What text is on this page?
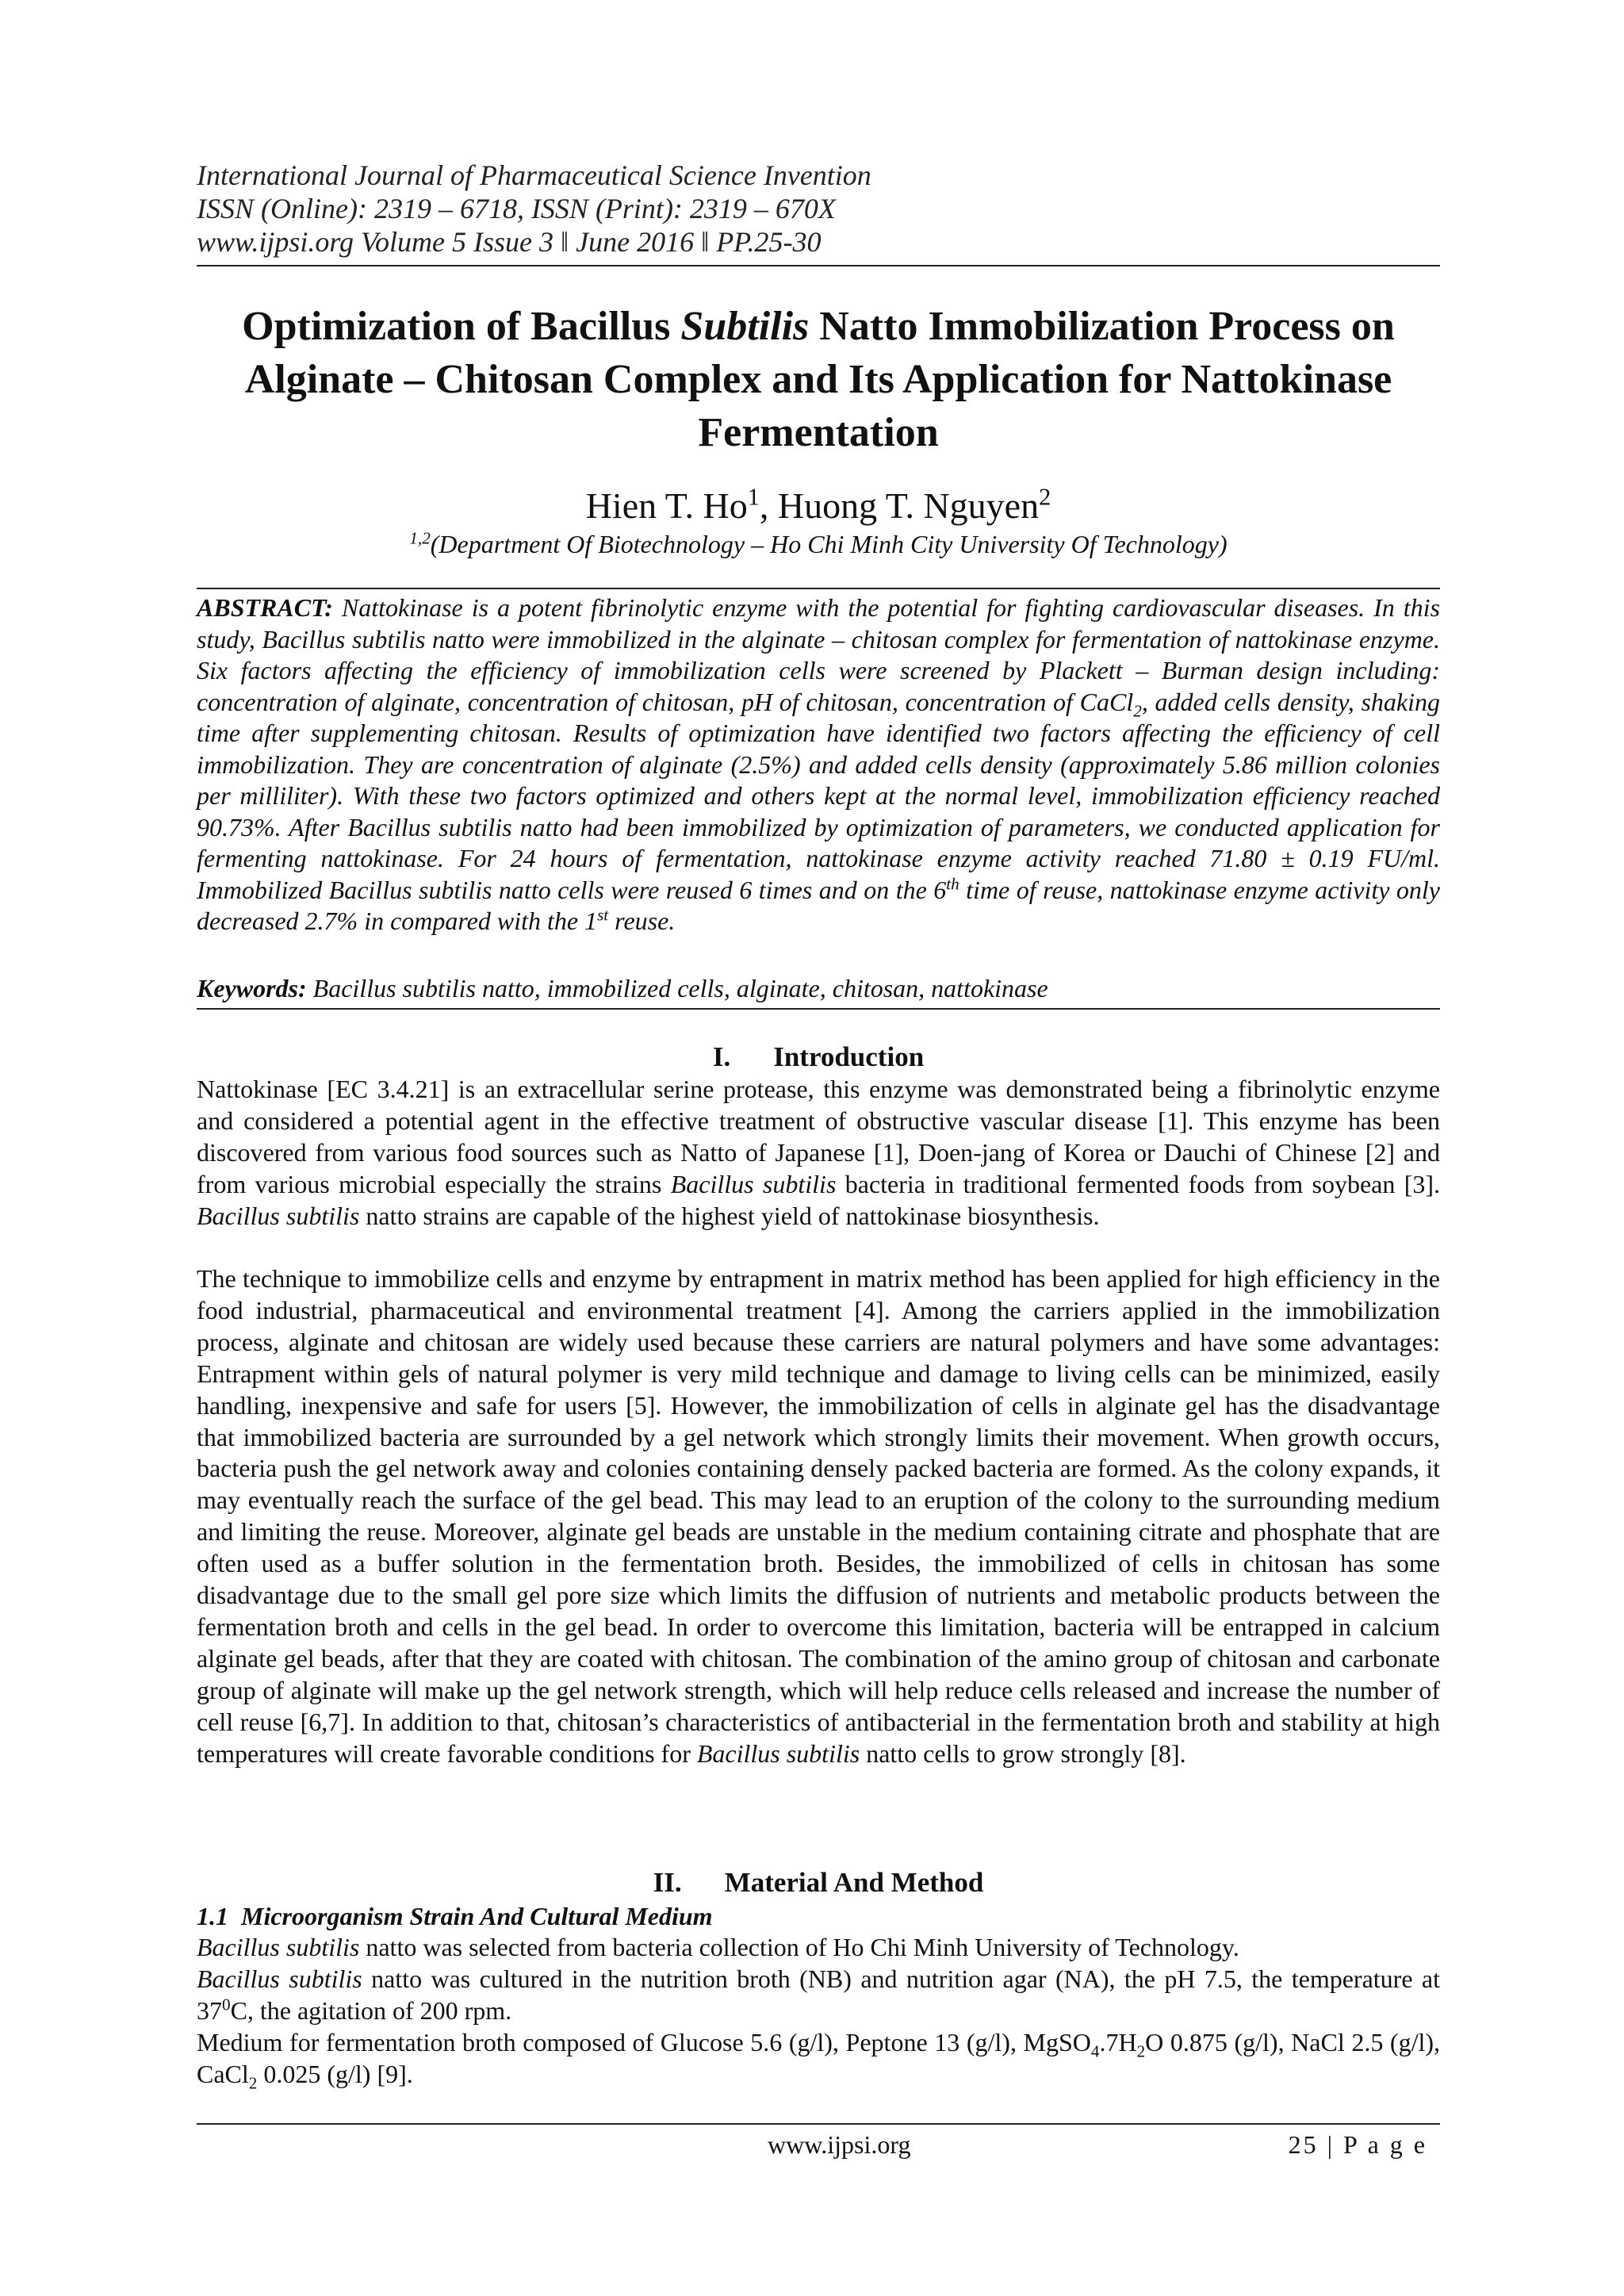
International Journal of Pharmaceutical Science Invention
ISSN (Online): 2319 – 6718, ISSN (Print): 2319 – 670X
www.ijpsi.org Volume 5 Issue 3 ǁ June 2016 ǁ PP.25-30
Optimization of Bacillus Subtilis Natto Immobilization Process on Alginate – Chitosan Complex and Its Application for Nattokinase Fermentation
Hien T. Ho$^1$, Huong T. Nguyen$^2$
$^{1,2}$(Department Of Biotechnology – Ho Chi Minh City University Of Technology)
ABSTRACT: Nattokinase is a potent fibrinolytic enzyme with the potential for fighting cardiovascular diseases. In this study, Bacillus subtilis natto were immobilized in the alginate – chitosan complex for fermentation of nattokinase enzyme. Six factors affecting the efficiency of immobilization cells were screened by Plackett – Burman design including: concentration of alginate, concentration of chitosan, pH of chitosan, concentration of CaCl$_2$, added cells density, shaking time after supplementing chitosan. Results of optimization have identified two factors affecting the efficiency of cell immobilization. They are concentration of alginate (2.5%) and added cells density (approximately 5.86 million colonies per milliliter). With these two factors optimized and others kept at the normal level, immobilization efficiency reached 90.73%. After Bacillus subtilis natto had been immobilized by optimization of parameters, we conducted application for fermenting nattokinase. For 24 hours of fermentation, nattokinase enzyme activity reached 71.80 ± 0.19 FU/ml. Immobilized Bacillus subtilis natto cells were reused 6 times and on the 6th time of reuse, nattokinase enzyme activity only decreased 2.7% in compared with the 1st reuse.
Keywords: Bacillus subtilis natto, immobilized cells, alginate, chitosan, nattokinase
I. Introduction
Nattokinase [EC 3.4.21] is an extracellular serine protease, this enzyme was demonstrated being a fibrinolytic enzyme and considered a potential agent in the effective treatment of obstructive vascular disease [1]. This enzyme has been discovered from various food sources such as Natto of Japanese [1], Doen-jang of Korea or Dauchi of Chinese [2] and from various microbial especially the strains Bacillus subtilis bacteria in traditional fermented foods from soybean [3]. Bacillus subtilis natto strains are capable of the highest yield of nattokinase biosynthesis.
The technique to immobilize cells and enzyme by entrapment in matrix method has been applied for high efficiency in the food industrial, pharmaceutical and environmental treatment [4]. Among the carriers applied in the immobilization process, alginate and chitosan are widely used because these carriers are natural polymers and have some advantages: Entrapment within gels of natural polymer is very mild technique and damage to living cells can be minimized, easily handling, inexpensive and safe for users [5]. However, the immobilization of cells in alginate gel has the disadvantage that immobilized bacteria are surrounded by a gel network which strongly limits their movement. When growth occurs, bacteria push the gel network away and colonies containing densely packed bacteria are formed. As the colony expands, it may eventually reach the surface of the gel bead. This may lead to an eruption of the colony to the surrounding medium and limiting the reuse. Moreover, alginate gel beads are unstable in the medium containing citrate and phosphate that are often used as a buffer solution in the fermentation broth. Besides, the immobilized of cells in chitosan has some disadvantage due to the small gel pore size which limits the diffusion of nutrients and metabolic products between the fermentation broth and cells in the gel bead. In order to overcome this limitation, bacteria will be entrapped in calcium alginate gel beads, after that they are coated with chitosan. The combination of the amino group of chitosan and carbonate group of alginate will make up the gel network strength, which will help reduce cells released and increase the number of cell reuse [6,7]. In addition to that, chitosan’s characteristics of antibacterial in the fermentation broth and stability at high temperatures will create favorable conditions for Bacillus subtilis natto cells to grow strongly [8].
II. Material And Method
1.1 Microorganism Strain And Cultural Medium
Bacillus subtilis natto was selected from bacteria collection of Ho Chi Minh University of Technology.
Bacillus subtilis natto was cultured in the nutrition broth (NB) and nutrition agar (NA), the pH 7.5, the temperature at $37^0C$, the agitation of 200 rpm.
Medium for fermentation broth composed of Glucose 5.6 (g/l), Peptone 13 (g/l), $MgSO_4.7H_2O$ 0.875 (g/l), NaCl 2.5 (g/l), CaCl$_2$ 0.025 (g/l) [9].
www.ijpsi.org	25 | P a g e
